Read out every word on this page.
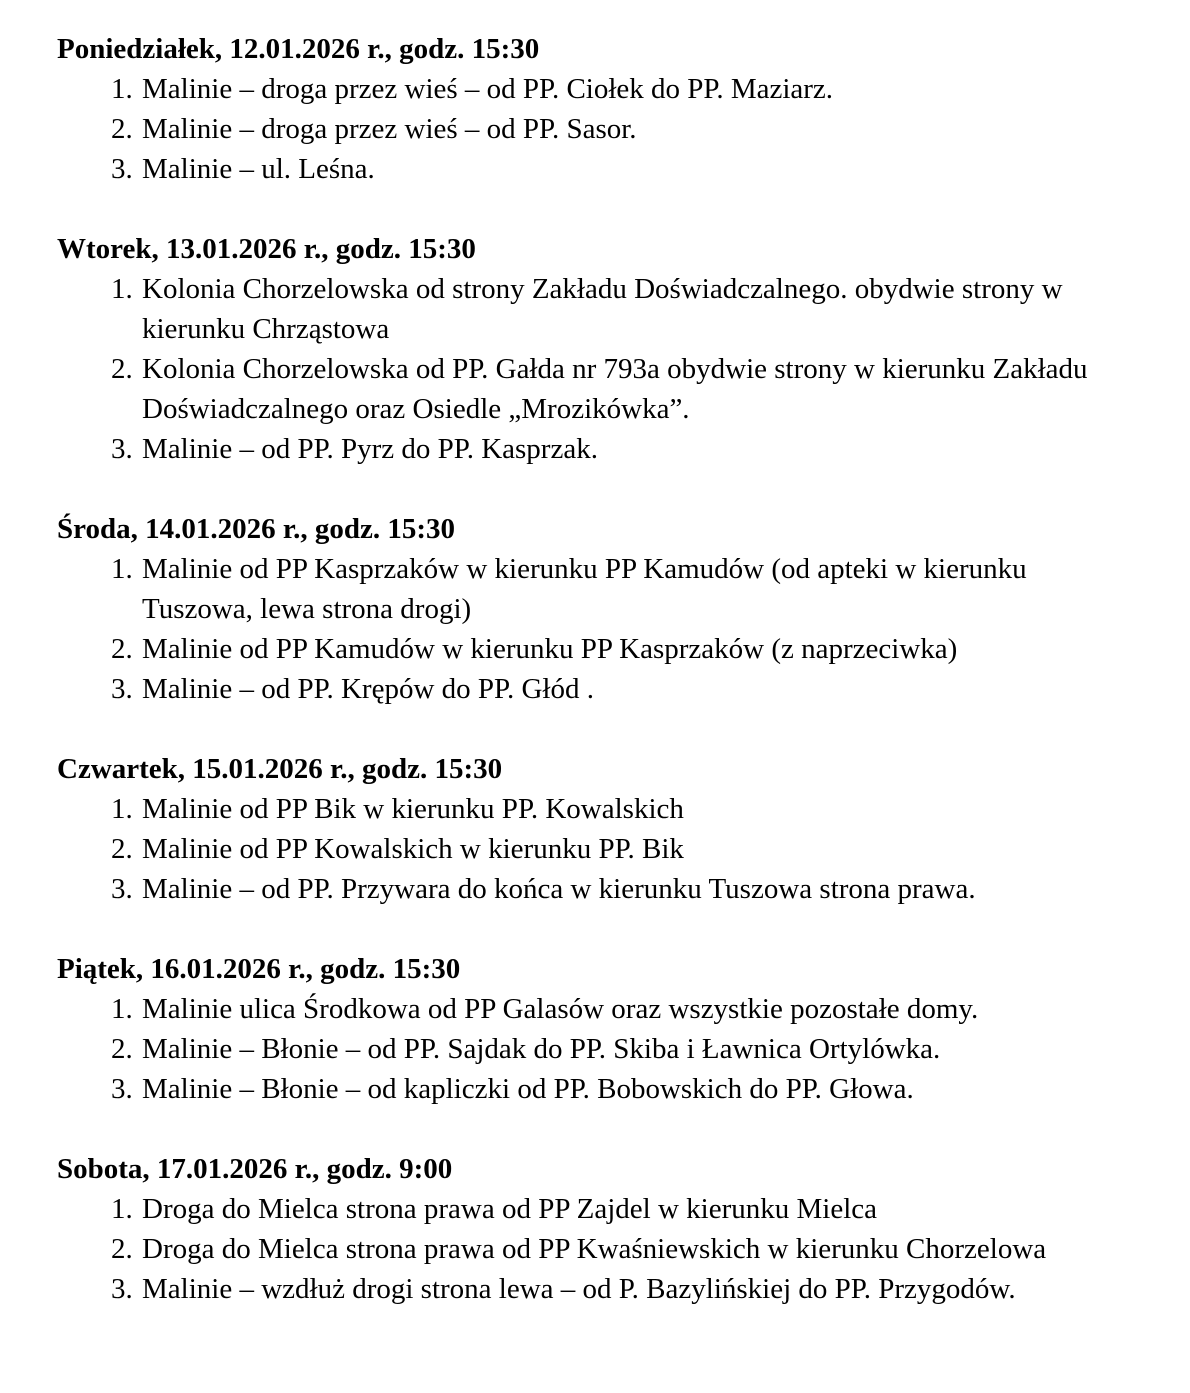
Poniedziałek, 12.01.2026 r., godz. 15:30
1. Malinie – droga przez wieś – od PP. Ciołek do PP. Maziarz.
2. Malinie – droga przez wieś – od PP. Sasor.
3. Malinie – ul. Leśna.
Wtorek, 13.01.2026 r., godz. 15:30
1. Kolonia Chorzelowska od strony Zakładu Doświadczalnego. obydwie strony w kierunku Chrząstowa
2. Kolonia Chorzelowska od PP. Gałda nr 793a obydwie strony w kierunku Zakładu Doświadczalnego oraz Osiedle „Mrozikówka”.
3. Malinie – od PP. Pyrz do PP. Kasprzak.
Środa, 14.01.2026 r., godz. 15:30
1. Malinie od PP Kasprzaków w kierunku PP Kamudów (od apteki w kierunku Tuszowa, lewa strona drogi)
2. Malinie od PP Kamudów w kierunku PP Kasprzaków (z naprzeciwka)
3. Malinie – od PP. Krępów do PP. Głód .
Czwartek, 15.01.2026 r., godz. 15:30
1. Malinie od PP Bik w kierunku PP. Kowalskich
2. Malinie od PP Kowalskich w kierunku PP. Bik
3. Malinie – od PP. Przywara do końca w kierunku Tuszowa strona prawa.
Piątek, 16.01.2026 r., godz. 15:30
1. Malinie ulica Środkowa od PP Galasów oraz wszystkie pozostałe domy.
2. Malinie – Błonie – od PP. Sajdak do PP. Skiba i Ławnica Ortylówka.
3. Malinie – Błonie – od kapliczki od PP. Bobowskich do PP. Głowa.
Sobota, 17.01.2026 r., godz. 9:00
1. Droga do Mielca strona prawa od PP Zajdel w kierunku Mielca
2. Droga do Mielca strona prawa od PP Kwaśniewskich w kierunku Chorzelowa
3. Malinie – wzdłuż drogi strona lewa – od P. Bazylińskiej do PP. Przygodów.
